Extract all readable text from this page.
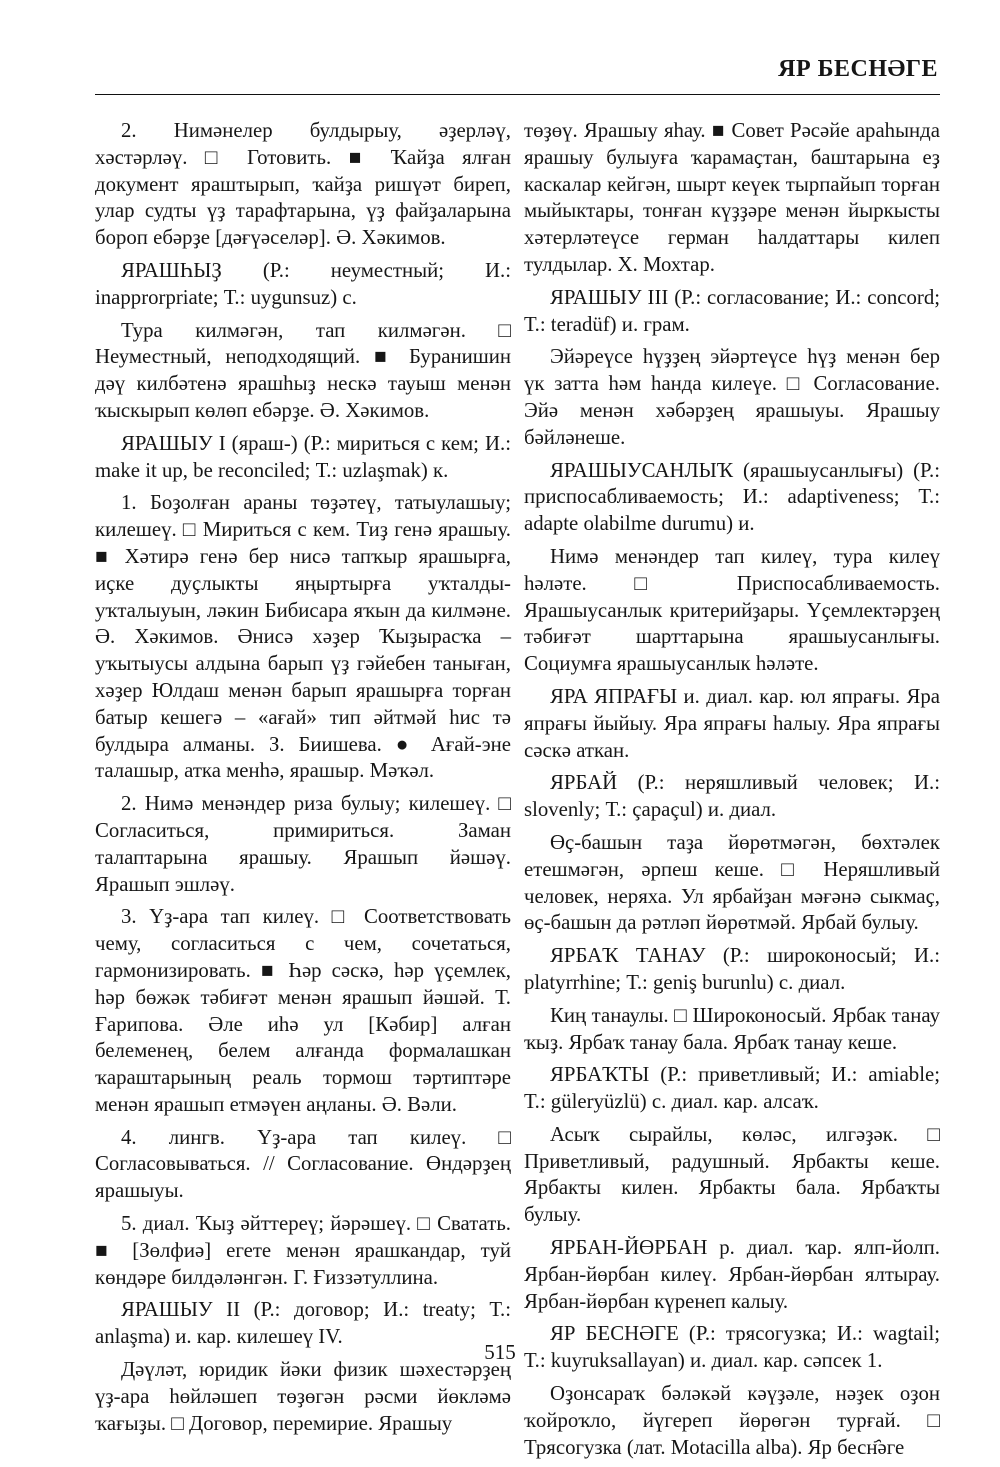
ЯР БЕСНӘГЕ

2. Нимәнелер булдырыу, әҙерләү, хәстәрләү. □ Готовить. ■ Ҡайҙа ялған документ яраштырып, ҡайҙа ришүәт биреп, улар судты үҙ тарафтарына, үҙ файҙаларына бороп ебәрҙе [дәғүәселәр]. Ә. Хәкимов.

ЯРАШҺЫҘ (Р.: неуместный; И.: inapprorpriate; Т.: uygunsuz) с.

Тура килмәгән, тап килмәгән. □ Неуместный, неподходящий. ■ Буранишин дәү килбәтенә ярашһыҙ нескә тауыш менән ҡыскырып көлөп ебәрҙе. Ә. Хәкимов.

ЯРАШЫУ I (яраш-) (Р.: мириться с кем; И.: make it up, be reconciled; Т.: uzlaşmak) к.

1. Боҙолған араны төҙәтеү, татыулашыу; килешеү. □ Мириться с кем. Тиҙ генә ярашыу. ■ Хәтирә генә бер нисә тапҡыр ярашырға, иҫке дуҫлыкты яңыртырға уҡталды-уҡталыуын, ләкин Бибисара яҡын да килмәне. Ә. Хәкимов. Әнисә хәҙер Ҡыҙырасҡа – уҡытыусы алдына барып үҙ гәйебен таныған, хәҙер Юлдаш менән барып ярашырға торған батыр кешегә – «ағай» тип әйтмәй һис тә булдыра алманы. З. Биишева. ● Ағай-эне талашыр, атка менһә, ярашыр. Мәҡәл.

2. Нимә менәндер риза булыу; килешеү. □ Согласиться, примириться. Заман талаптарына ярашыу. Ярашып йәшәү. Ярашып эшләү.

3. Үҙ-ара тап килеү. □ Соответствовать чему, согласиться с чем, сочетаться, гармонизировать. ■ Һәр сәскә, һәр үҫемлек, һәр бөжәк тәбиғәт менән ярашып йәшәй. Т. Ғарипова. Әле иһә ул [Кәбир] алған белеменең, белем алғанда формалашкан ҡараштарының реаль тормош тәртиптәре менән ярашып етмәүен аңланы. Ә. Вәли.

4. лингв. Үҙ-ара тап килеү. □ Согласовываться. // Согласование. Өндәрҙең ярашыуы.

5. диал. Ҡыҙ әйттереү; йәрәшеү. □ Сватать. ■ [Зөлфиә] егете менән ярашкандар, туй көндәре билдәләнгән. Г. Ғиззәтуллина.

ЯРАШЫУ II (Р.: договор; И.: treaty; Т.: anlaşma) и. кар. килешеү IV.

Дәүләт, юридик йәки физик шәхестәрҙең үҙ-ара һөйләшеп төҙөгән рәсми йөкләмә ҡағыҙы. □ Договор, перемирие. Ярашыу

төҙөү. Ярашыу яһау. ■ Совет Рәсәйе араһында ярашыу булыуға ҡарамаҫтан, баштарына еҙ каскалар кейгән, шырт кеүек тырпайып торған мыйыктары, тонған күҙҙәре менән йыркысты хәтерләтеүсе герман һалдаттары килеп тулдылар. Х. Мохтар.

ЯРАШЫУ III (Р.: согласование; И.: concord; Т.: teradüf) и. грам.

Эйәреүсе һүҙҙең эйәртеүсе һүҙ менән бер үк затта һәм һанда килеүе. □ Согласование. Эйә менән хәбәрҙең ярашыуы. Ярашыу бәйләнеше.

ЯРАШЫУСАНЛЫҠ (ярашыусанлығы) (Р.: приспосабливаемость; И.: adaptiveness; Т.: adapte olabilme durumu) и.

Нимә менәндер тап килеү, тура килеү һәләте. □ Приспосабливаемость. Ярашыусанлык критерийҙары. Үҫемлектәрҙең тәбиғәт шарттарына ярашыусанлығы. Социумға ярашыусанлык һәләте.

ЯРА ЯПРАҒЫ и. диал. кар. юл япрағы. Яра япрағы йыйыу. Яра япрағы һалыу. Яра япрағы сәскә аткан.

ЯРБАЙ (Р.: неряшливый человек; И.: slovenly; Т.: çapaçul) и. диал.

Өҫ-башын таҙа йөрөтмәгән, бөхтәлек етешмәгән, әрпеш кеше. □ Неряшливый человек, неряха. Ул ярбайҙан мәғәнә сыкмаҫ, өҫ-башын да рәтләп йөрөтмәй. Ярбай булыу.

ЯРБАҠ ТАНАУ (Р.: широконосый; И.: platyrrhine; Т.: geniş burunlu) с. диал.

Киң танаулы. □ Широконосый. Ярбак танау ҡыҙ. Ярбаҡ танау бала. Ярбаҡ танау кеше.

ЯРБАҠТЫ (Р.: приветливый; И.: amiable; Т.: güleryüzlü) с. диал. кар. алсаҡ.

Асыҡ сырайлы, көләс, илгәҙәк. □ Приветливый, радушный. Ярбакты кеше. Ярбакты килен. Ярбакты бала. Ярбаҡты булыу.

ЯРБАН-ЙӨРБАН р. диал. ҡар. ялп-йолп. Ярбан-йөрбан килеү. Ярбан-йөрбан ялтырау. Ярбан-йөрбан күренеп калыу.

ЯР БЕСНӘГЕ (Р.: трясогузка; И.: wagtail; Т.: kuyruksallayan) и. диал. кар. сәпсек 1.

Оҙонсараҡ бәләкәй кәүҙәле, нәҙек оҙон ҡойроҡло, йүгереп йөрөгән турғай. □ Трясогузка (лат. Motacilla alba). Яр бесн҄әге

515
